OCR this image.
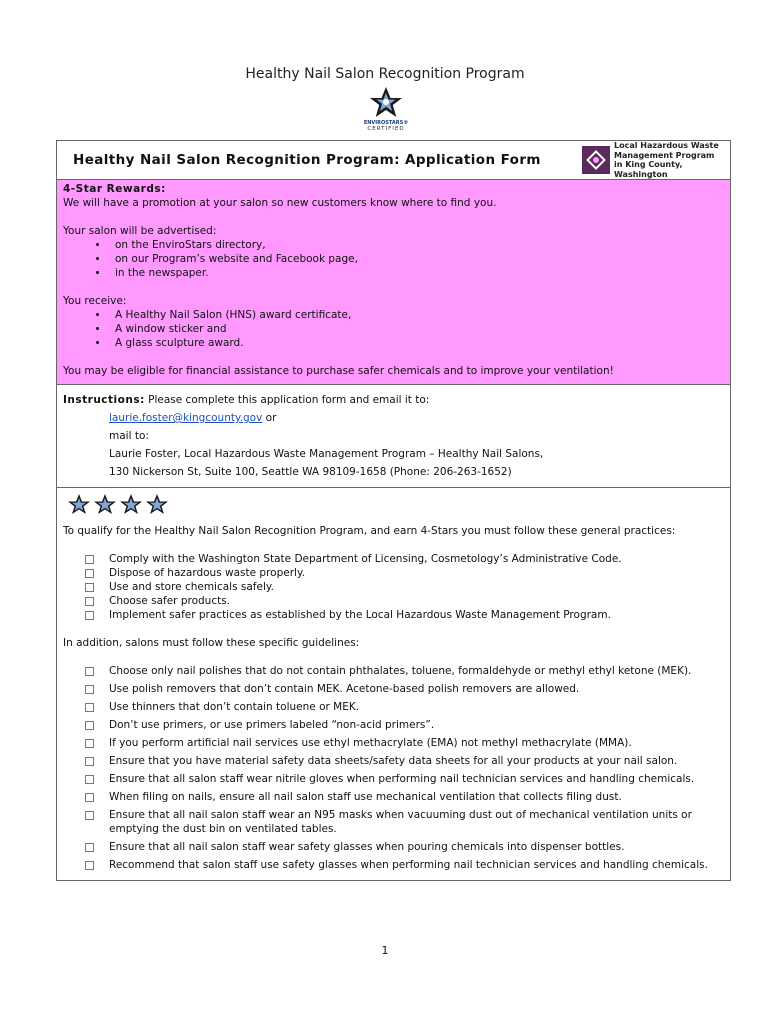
Healthy Nail Salon Recognition Program
ENVIROSTARS®
CERTIFIED
Healthy Nail Salon Recognition Program: Application Form
Local Hazardous Waste
Management Program
in King County, Washington

4-Star Rewards:

We will have a promotion at your salon so new customers know where to find you.

Your salon will be advertised:

• on the EnviroStars directory,
• on our Program’s website and Facebook page,
• in the newspaper.

You receive:

• A Healthy Nail Salon (HNS) award certificate,
• A window sticker and
• A glass sculpture award.

You may be eligible for financial assistance to purchase safer chemicals and to improve your ventilation!

Instructions: Please complete this application form and email it to:
laurie.foster@kingcounty.gov or
mail to:
Laurie Foster, Local Hazardous Waste Management Program – Healthy Nail Salons,
130 Nickerson St, Suite 100, Seattle WA 98109-1658 (Phone: 206-263-1652)

To qualify for the Healthy Nail Salon Recognition Program, and earn 4-Stars you must follow these general practices:

Comply with the Washington State Department of Licensing, Cosmetology’s Administrative Code.
Dispose of hazardous waste properly.
Use and store chemicals safely.
Choose safer products.
Implement safer practices as established by the Local Hazardous Waste Management Program.

In addition, salons must follow these specific guidelines:

Choose only nail polishes that do not contain phthalates, toluene, formaldehyde or methyl ethyl ketone (MEK).
Use polish removers that don’t contain MEK. Acetone-based polish removers are allowed.
Use thinners that don’t contain toluene or MEK.
Don’t use primers, or use primers labeled “non-acid primers”.
If you perform artificial nail services use ethyl methacrylate (EMA) not methyl methacrylate (MMA).
Ensure that you have material safety data sheets/safety data sheets for all your products at your nail salon.
Ensure that all salon staff wear nitrile gloves when performing nail technician services and handling chemicals.
When filing on nails, ensure all nail salon staff use mechanical ventilation that collects filing dust.
Ensure that all nail salon staff wear an N95 masks when vacuuming dust out of mechanical ventilation units or emptying the dust bin on ventilated tables.
Ensure that all nail salon staff wear safety glasses when pouring chemicals into dispenser bottles.
Recommend that salon staff use safety glasses when performing nail technician services and handling chemicals.
1
